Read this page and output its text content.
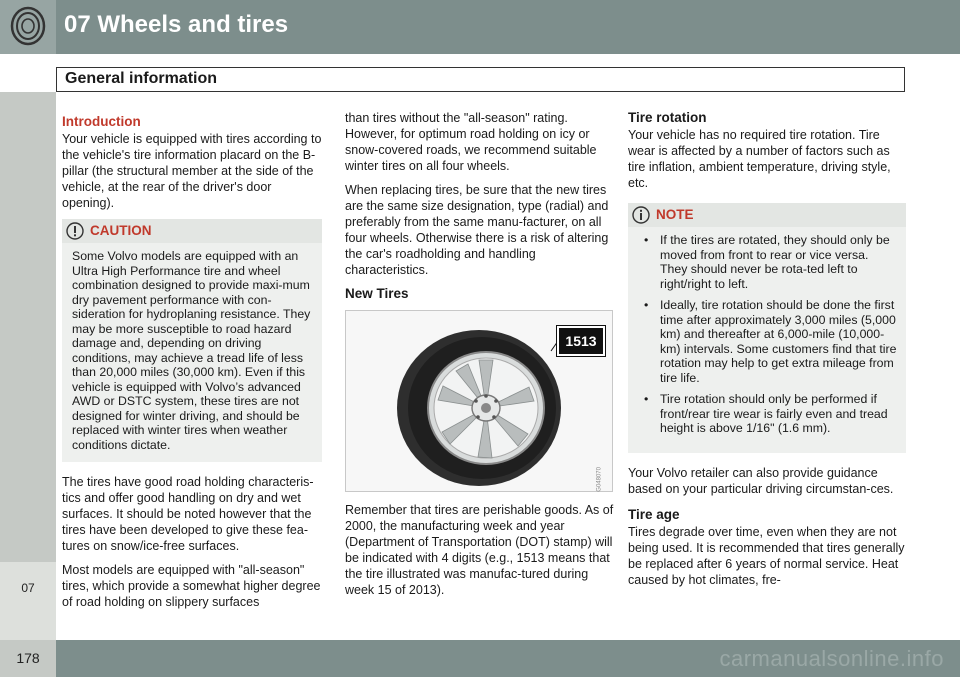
07 Wheels and tires
General information
07
Introduction

Your vehicle is equipped with tires according to the vehicle's tire information placard on the B-pillar (the structural member at the side of the vehicle, at the rear of the driver's door opening).

CAUTION
Some Volvo models are equipped with an Ultra High Performance tire and wheel combination designed to provide maxi-mum dry pavement performance with con-sideration for hydroplaning resistance. They may be more susceptible to road hazard damage and, depending on driving conditions, may achieve a tread life of less than 20,000 miles (30,000 km). Even if this vehicle is equipped with Volvo’s advanced AWD or DSTC system, these tires are not designed for winter driving, and should be replaced with winter tires when weather conditions dictate.

The tires have good road holding characteris-tics and offer good handling on dry and wet surfaces. It should be noted however that the tires have been developed to give these fea-tures on snow/ice-free surfaces.

Most models are equipped with "all-season" tires, which provide a somewhat higher degree of road holding on slippery surfaces

than tires without the "all-season" rating. However, for optimum road holding on icy or snow-covered roads, we recommend suitable winter tires on all four wheels.

When replacing tires, be sure that the new tires are the same size designation, type (radial) and preferably from the same manu-facturer, on all four wheels. Otherwise there is a risk of altering the car's roadholding and handling characteristics.

New Tires
1513
G048070

Remember that tires are perishable goods. As of 2000, the manufacturing week and year (Department of Transportation (DOT) stamp) will be indicated with 4 digits (e.g., 1513 means that the tire illustrated was manufac-tured during week 15 of 2013).

Tire rotation

Your vehicle has no required tire rotation. Tire wear is affected by a number of factors such as tire inflation, ambient temperature, driving style, etc.

NOTE
• If the tires are rotated, they should only be moved from front to rear or vice versa. They should never be rota-ted left to right/right to left.
• Ideally, tire rotation should be done the first time after approximately 3,000 miles (5,000 km) and thereafter at 6,000-mile (10,000-km) intervals. Some customers find that tire rotation may help to get extra mileage from tire life.
• Tire rotation should only be performed if front/rear tire wear is fairly even and tread height is above 1/16" (1.6 mm).

Your Volvo retailer can also provide guidance based on your particular driving circumstan-ces.

Tire age

Tires degrade over time, even when they are not being used. It is recommended that tires generally be replaced after 6 years of normal service. Heat caused by hot climates, fre-

178	carmanualsonline.info
